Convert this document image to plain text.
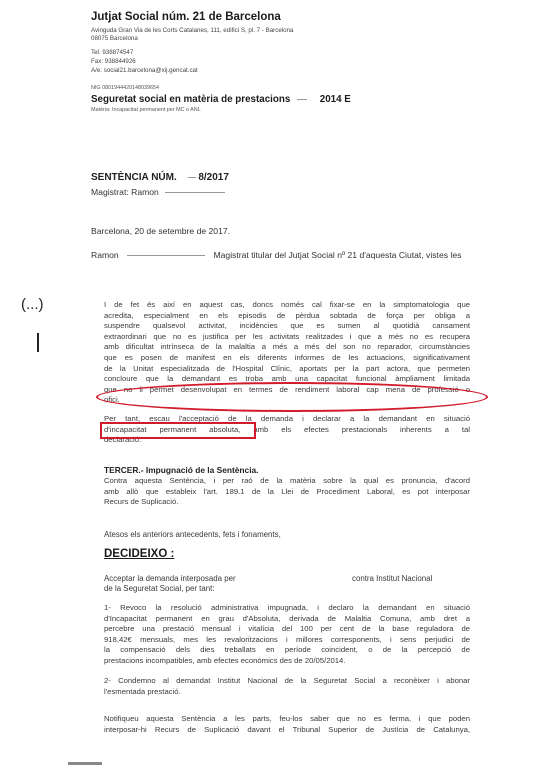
Jutjat Social núm. 21 de Barcelona
Avinguda Gran Via de les Corts Catalanes, 111, edifici S, pl. 7 - Barcelona
08075 Barcelona
Tel. 938874547
Fax: 938844926
A/e: social21.barcelona@xij.gencat.cat
NIG 0801944420148039654
Seguretat social en matèria de prestacions	2014 E
Matèria: Incapacitat permanent per MC o ANL
SENTÈNCIA NÚM. 8/2017
Magistrat: Ramon
Barcelona, 20 de setembre de 2017.
Ramon	Magistrat titular del Jutjat Social nº 21 d'aquesta Ciutat, vistes les
(...)	I de fet és així en aquest cas, doncs només cal fixar-se en la simptomatologia que
acredita, especialment en els episodis de pèrdua sobtada de força per obliga a
suspendre qualsevol activitat, incidències que es sumen al quotidià cansament
extraordinari que no es justifica per les activitats realitzades i que a més no es recupera
amb dificultat intrínseca de la malaltia a més a més del son no reparador, circumstàncies
que es posen de manifest en els diferents informes de les actuacions, significativament
de la Unitat especialitzada de l'Hospital Clínic, aportats per la part actora, que permeten
concloure que la demandant es troba amb una capacitat funcional àmpliament limitada
que no li permet desenvolupat en termes de rendiment laboral cap mena de professió o
ofici.
Per tant, escau l'acceptació de la demanda i declarar a la demandant en situació
d'incapacitat permanent absoluta, amb els efectes prestacionals inherents a tal
declaració.
TERCER.- Impugnació de la Sentència.
Contra aquesta Sentència, i per raó de la matèria sobre la qual es pronuncia, d'acord
amb allò que estableix l'art. 189.1 de la Llei de Procediment Laboral, es pot interposar
Recurs de Suplicació.
Atesos els anteriors antecedents, fets i fonaments,
DECIDEIXO :
Acceptar la demanda interposada per	contra Institut Nacional
de la Seguretat Social, per tant:
1- Revoco la resolució administrativa impugnada, i declaro la demandant en situació
d'Incapacitat permanent en grau d'Absoluta, derivada de Malaltia Comuna, amb dret a
percebre una prestació mensual i vitalícia del 100 per cent de la base reguladora de
918,42€ mensuals, mes les revaloritzacions i millores corresponents, i sens perjudici de
la compensació dels dies treballats en període coincident, o de la percepció de
prestacions incompatibles, amb efectes econòmics des de 20/05/2014.
2- Condemno al demandat Institut Nacional de la Seguretat Social a reconèixer i abonar
l'esmentada prestació.
Notifiqueu aquesta Sentència a les parts, feu-los saber que no es ferma, i que poden
interposar-hi Recurs de Suplicació davant el Tribunal Superior de Justícia de Catalunya,
